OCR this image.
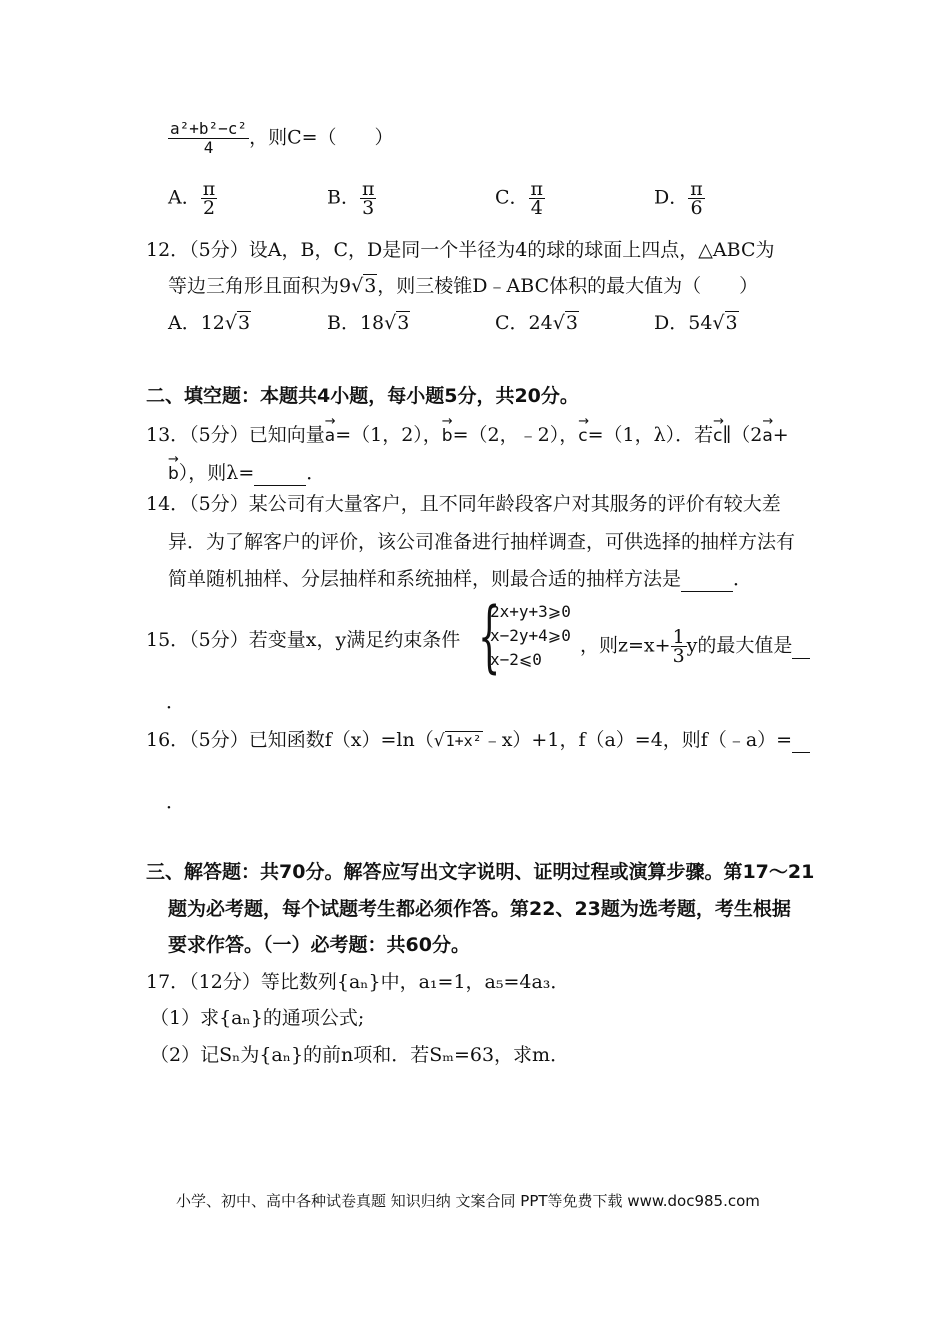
$\frac{\text{a²+b²−c²}}{4}$ ，则C=（　　）
A． $\frac{\pi}{2}$	B． $\frac{\pi}{3}$	C． $\frac{\pi}{4}$	D． $\frac{\pi}{6}$
12．（5分）设A，B，C，D是同一个半径为4的球的球面上四点，△ABC为
等边三角形且面积为9√3，则三棱锥D﹣ABC体积的最大值为（　　）
A．12√3	B．18√3	C．24√3	D．54√3
二、填空题：本题共4小题，每小题5分，共20分。
13．（5分）已知向量→ a=（1，2），→ b=（2，﹣2），→ c=（1，λ）．若→ c∥（2→ a+
→ b），则λ=	．
14．（5分）某公司有大量客户，且不同年龄段客户对其服务的评价有较大差
异．为了解客户的评价，该公司准备进行抽样调查，可供选择的抽样方法有
简单随机抽样、分层抽样和系统抽样，则最合适的抽样方法是	．
15．（5分）若变量x，y满足约束条件 {
2x+y+3⩾0
x−2y+4⩾0
x−2⩽0
，则$z=x+ \frac{1}{3}$ y的最大值是
．
16．（5分）已知函数f（x）=ln（√1+x²﹣x）+1，f（a）=4，则f（﹣a）=
．
三、解答题：共70分。解答应写出文字说明、证明过程或演算步骤。第17～21
题为必考题，每个试题考生都必须作答。第22、23题为选考题，考生根据
要求作答。（一）必考题：共60分。
17．（12分）等比数列{aₙ}中，a₁=1，a₅=4a₃．
（1）求{aₙ}的通项公式;
（2）记Sₙ为{aₙ}的前n项和．若Sₘ=63，求m．
小学、初中、高中各种试卷真题 知识归纳 文案合同 PPT等免费下载 www.doc985.com
